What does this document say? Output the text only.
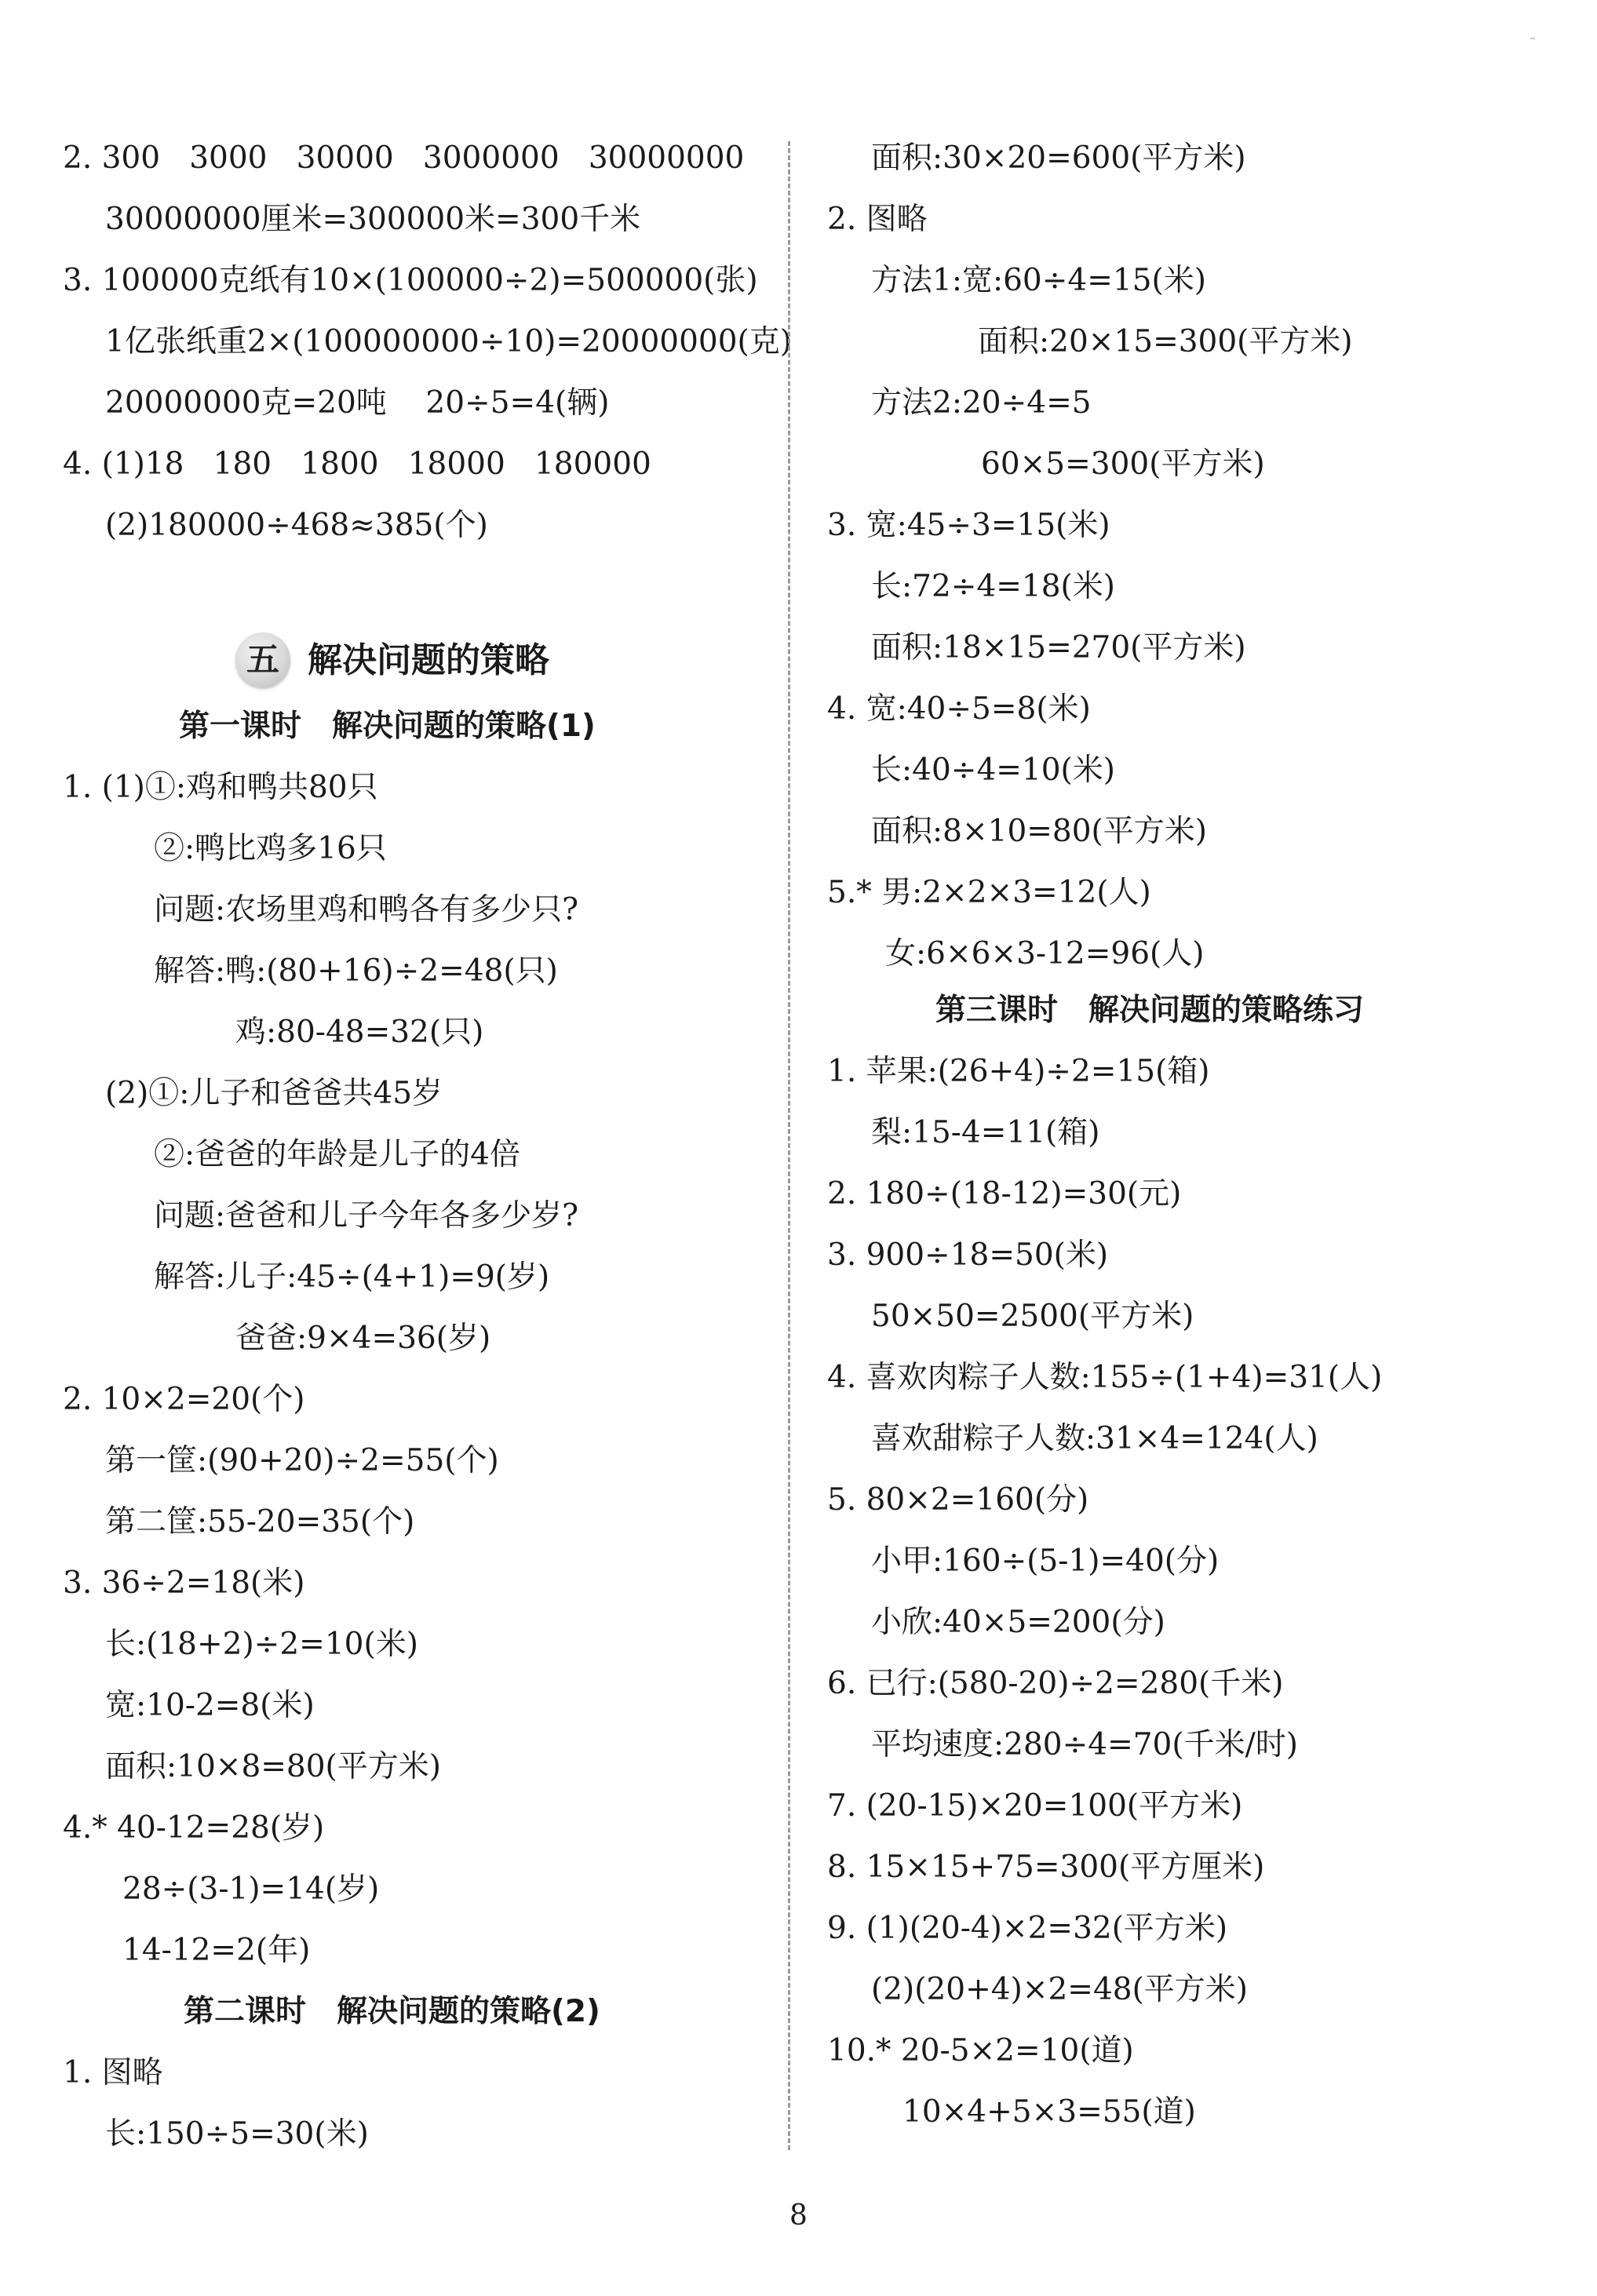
2. 300   3000   30000   3000000   30000000
30000000厘米=300000米=300千米
3. 100000克纸有10×(100000÷2)=500000(张)
1亿张纸重2×(100000000÷10)=20000000(克)
20000000克=20吨    20÷5=4(辆)
4. (1)18   180   1800   18000   180000
(2)180000÷468≈385(个)
五 解决问题的策略
第一课时　解决问题的策略(1)
1. (1)①:鸡和鸭共80只
②:鸭比鸡多16只
问题:农场里鸡和鸭各有多少只?
解答:鸭:(80+16)÷2=48(只)
鸡:80-48=32(只)
(2)①:儿子和爸爸共45岁
②:爸爸的年龄是儿子的4倍
问题:爸爸和儿子今年各多少岁?
解答:儿子:45÷(4+1)=9(岁)
爸爸:9×4=36(岁)
2. 10×2=20(个)
第一筐:(90+20)÷2=55(个)
第二筐:55-20=35(个)
3. 36÷2=18(米)
长:(18+2)÷2=10(米)
宽:10-2=8(米)
面积:10×8=80(平方米)
4.* 40-12=28(岁)
28÷(3-1)=14(岁)
14-12=2(年)
第二课时　解决问题的策略(2)
1. 图略
长:150÷5=30(米)
面积:30×20=600(平方米)
2. 图略
方法1:宽:60÷4=15(米)
面积:20×15=300(平方米)
方法2:20÷4=5
60×5=300(平方米)
3. 宽:45÷3=15(米)
长:72÷4=18(米)
面积:18×15=270(平方米)
4. 宽:40÷5=8(米)
长:40÷4=10(米)
面积:8×10=80(平方米)
5.* 男:2×2×3=12(人)
女:6×6×3-12=96(人)
第三课时　解决问题的策略练习
1. 苹果:(26+4)÷2=15(箱)
梨:15-4=11(箱)
2. 180÷(18-12)=30(元)
3. 900÷18=50(米)
50×50=2500(平方米)
4. 喜欢肉粽子人数:155÷(1+4)=31(人)
喜欢甜粽子人数:31×4=124(人)
5. 80×2=160(分)
小甲:160÷(5-1)=40(分)
小欣:40×5=200(分)
6. 已行:(580-20)÷2=280(千米)
平均速度:280÷4=70(千米/时)
7. (20-15)×20=100(平方米)
8. 15×15+75=300(平方厘米)
9. (1)(20-4)×2=32(平方米)
(2)(20+4)×2=48(平方米)
10.* 20-5×2=10(道)
10×4+5×3=55(道)
8
